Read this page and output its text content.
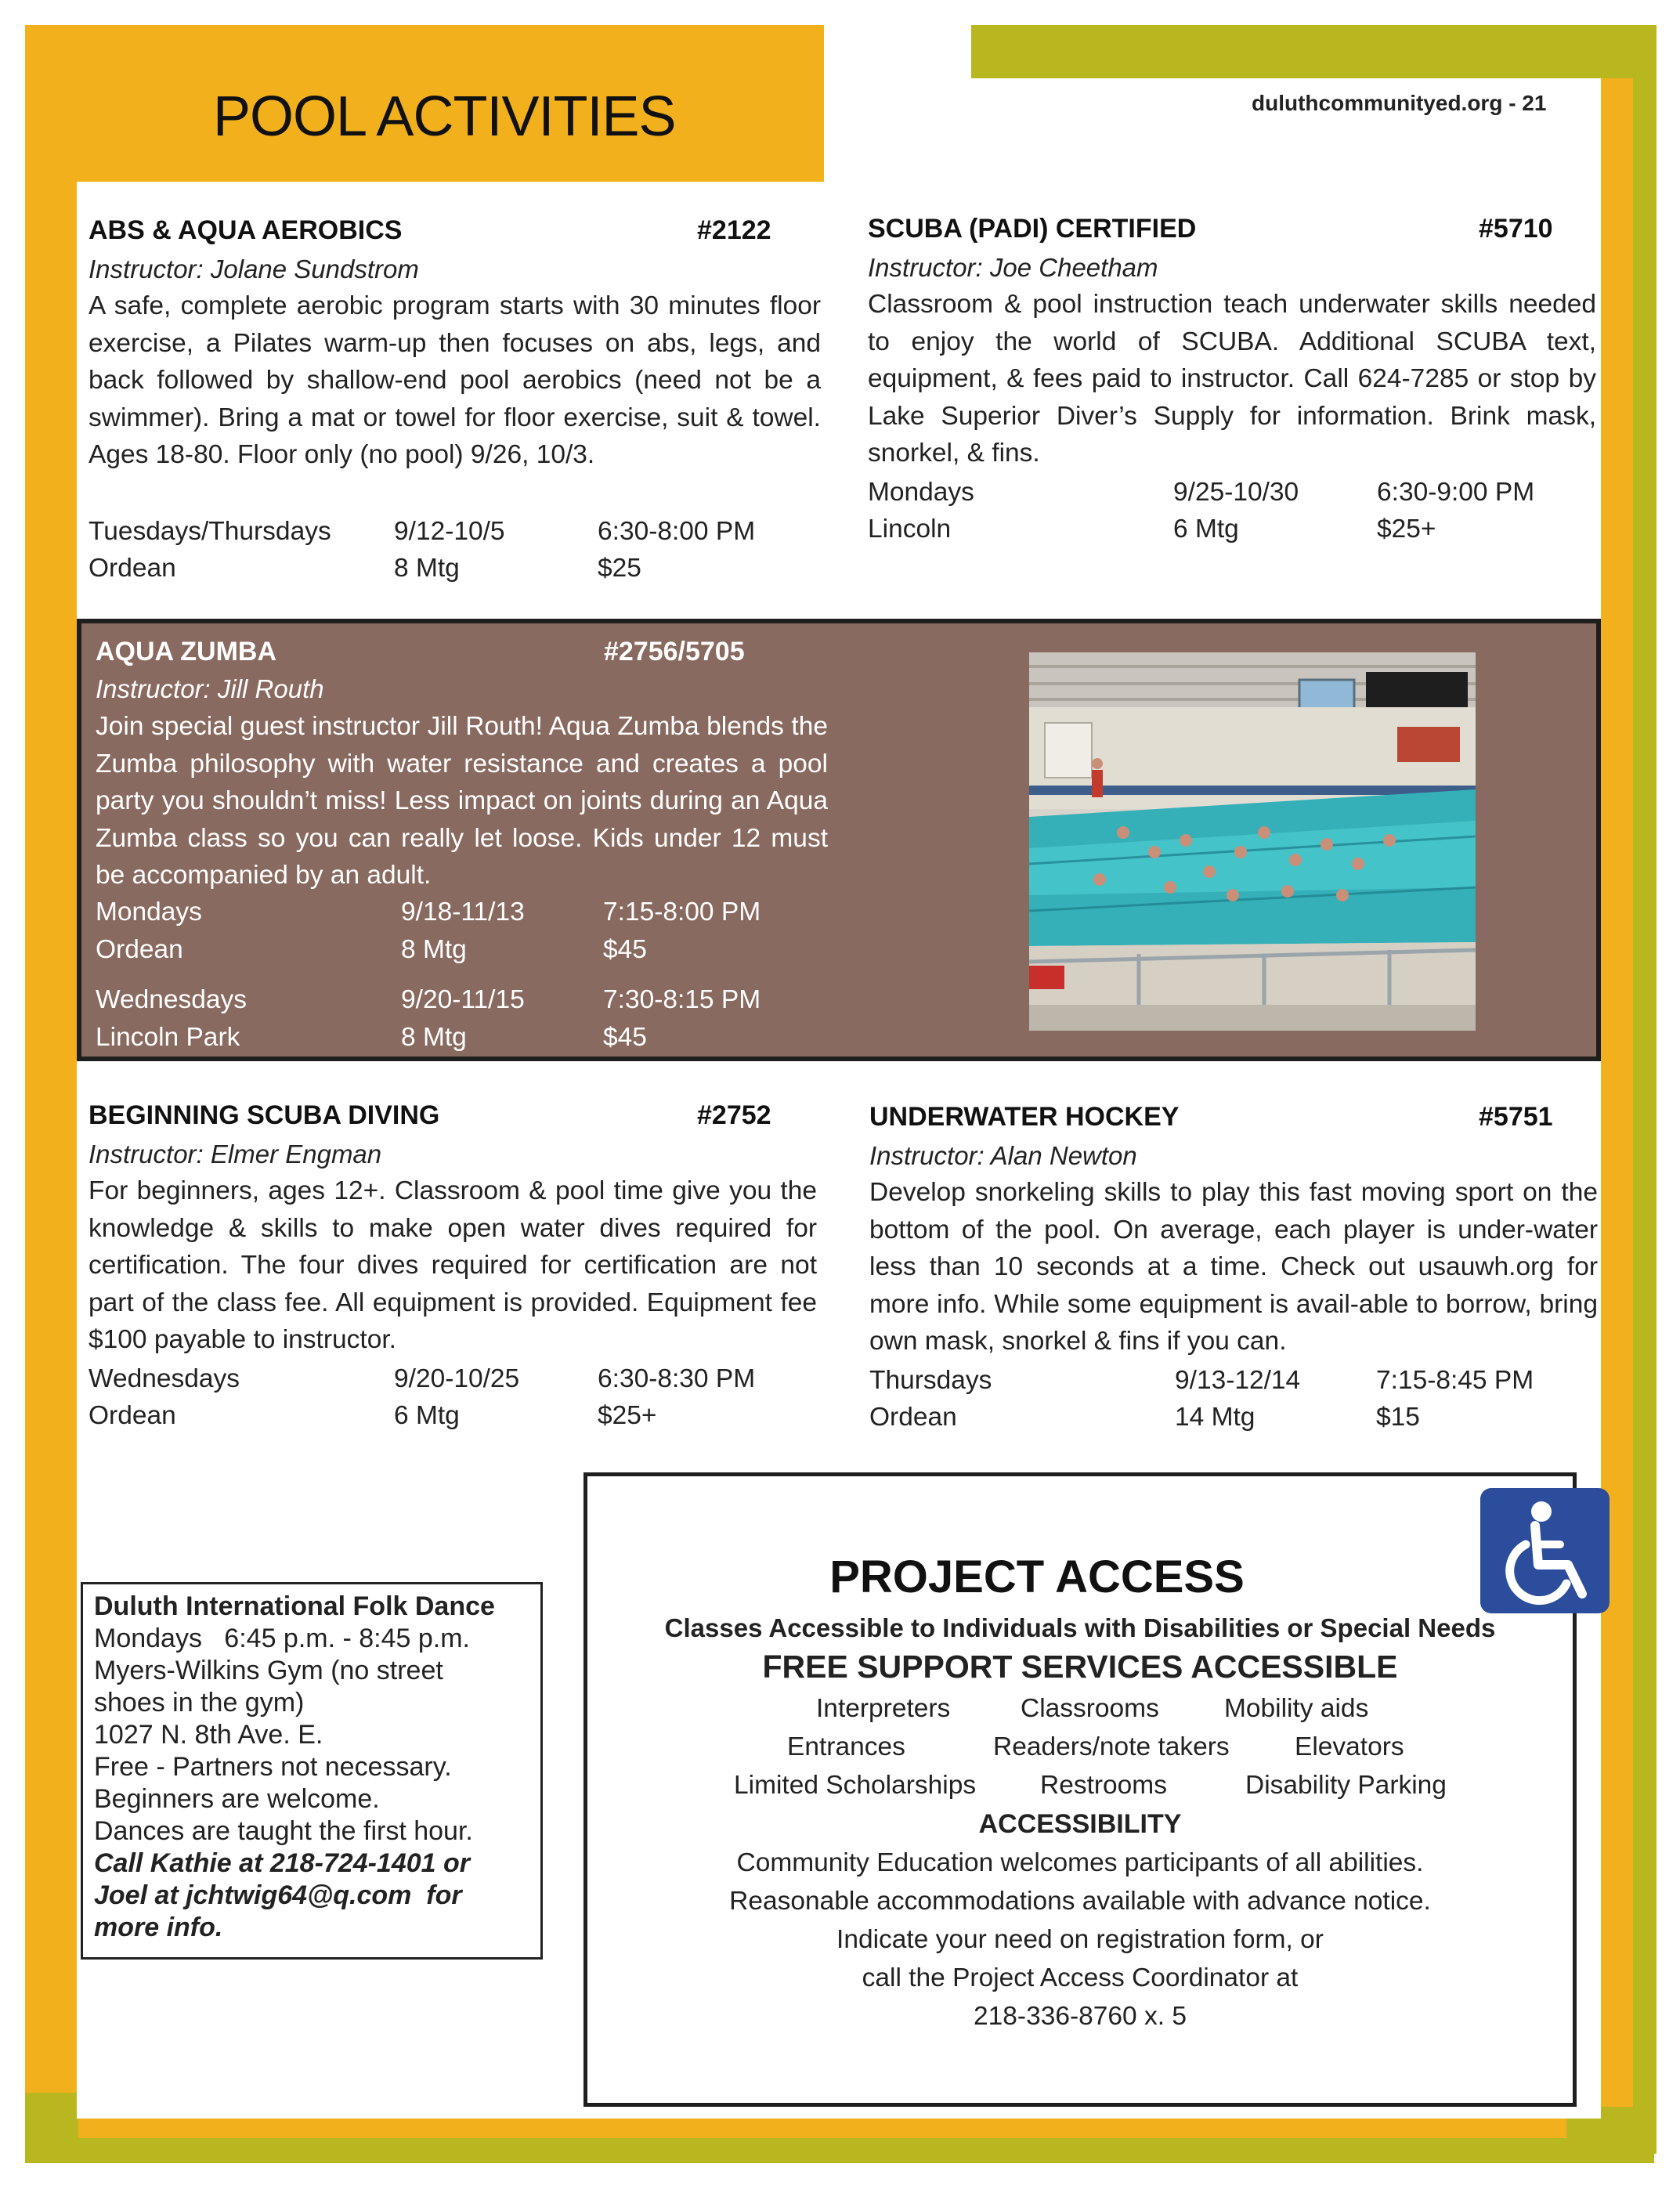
POOL ACTIVITIES	duluthcommunityed.org - 21
ABS & AQUA AEROBICS	#2122
Instructor: Jolane Sundstrom
A safe, complete aerobic program starts with 30 minutes floor exercise, a Pilates warm-up then focuses on abs, legs, and back followed by shallow-end pool aerobics (need not be a swimmer). Bring a mat or towel for floor exercise, suit & towel. Ages 18-80. Floor only (no pool) 9/26, 10/3.
Tuesdays/Thursdays 9/12-10/5	6:30-8:00 PM
Ordean	8 Mtg	$25
SCUBA (PADI) CERTIFIED	#5710
Instructor: Joe Cheetham
Classroom & pool instruction teach underwater skills needed to enjoy the world of SCUBA. Additional SCUBA text, equipment, & fees paid to instructor. Call 624-7285 or stop by Lake Superior Diver’s Supply for information. Brink mask, snorkel, & fins.
Mondays	9/25-10/30	6:30-9:00 PM
Lincoln	6 Mtg	$25+
AQUA ZUMBA	#2756/5705
Instructor: Jill Routh
Join special guest instructor Jill Routh! Aqua Zumba blends the Zumba philosophy with water resistance and creates a pool party you shouldn’t miss! Less impact on joints during an Aqua Zumba class so you can really let loose. Kids under 12 must be accompanied by an adult.
Mondays	9/18-11/13	7:15-8:00 PM
Ordean	8 Mtg	$45
Wednesdays	9/20-11/15	7:30-8:15 PM
Lincoln Park	8 Mtg	$45
BEGINNING SCUBA DIVING	#2752
Instructor: Elmer Engman
For beginners, ages 12+. Classroom & pool time give you the knowledge & skills to make open water dives required for certification. The four dives required for certification are not part of the class fee. All equipment is provided. Equipment fee $100 payable to instructor.
Wednesdays	9/20-10/25	6:30-8:30 PM
Ordean	6 Mtg	$25+
UNDERWATER HOCKEY	#5751
Instructor: Alan Newton
Develop snorkeling skills to play this fast moving sport on the bottom of the pool. On average, each player is under-water less than 10 seconds at a time. Check out usauwh.org for more info. While some equipment is avail-able to borrow, bring own mask, snorkel & fins if you can.
Thursdays	9/13-12/14	7:15-8:45 PM
Ordean	14 Mtg	$15
Duluth International Folk Dance
Mondays   6:45 p.m. - 8:45 p.m.
Myers-Wilkins Gym (no street
shoes in the gym)
1027 N. 8th Ave. E.
Free - Partners not necessary.
Beginners are welcome.
Dances are taught the first hour.
Call Kathie at 218-724-1401 or
Joel at jchtwig64@q.com  for
more info.
PROJECT ACCESS
Classes Accessible to Individuals with Disabilities or Special Needs
FREE SUPPORT SERVICES ACCESSIBLE
Interpreters	Classrooms Mobility aids
Entrances	Readers/note takers Elevators
Limited Scholarships Restrooms	Disability Parking
ACCESSIBILITY
Community Education welcomes participants of all abilities.
Reasonable accommodations available with advance notice.
Indicate your need on registration form, or
call the Project Access Coordinator at
218-336-8760 x. 5
